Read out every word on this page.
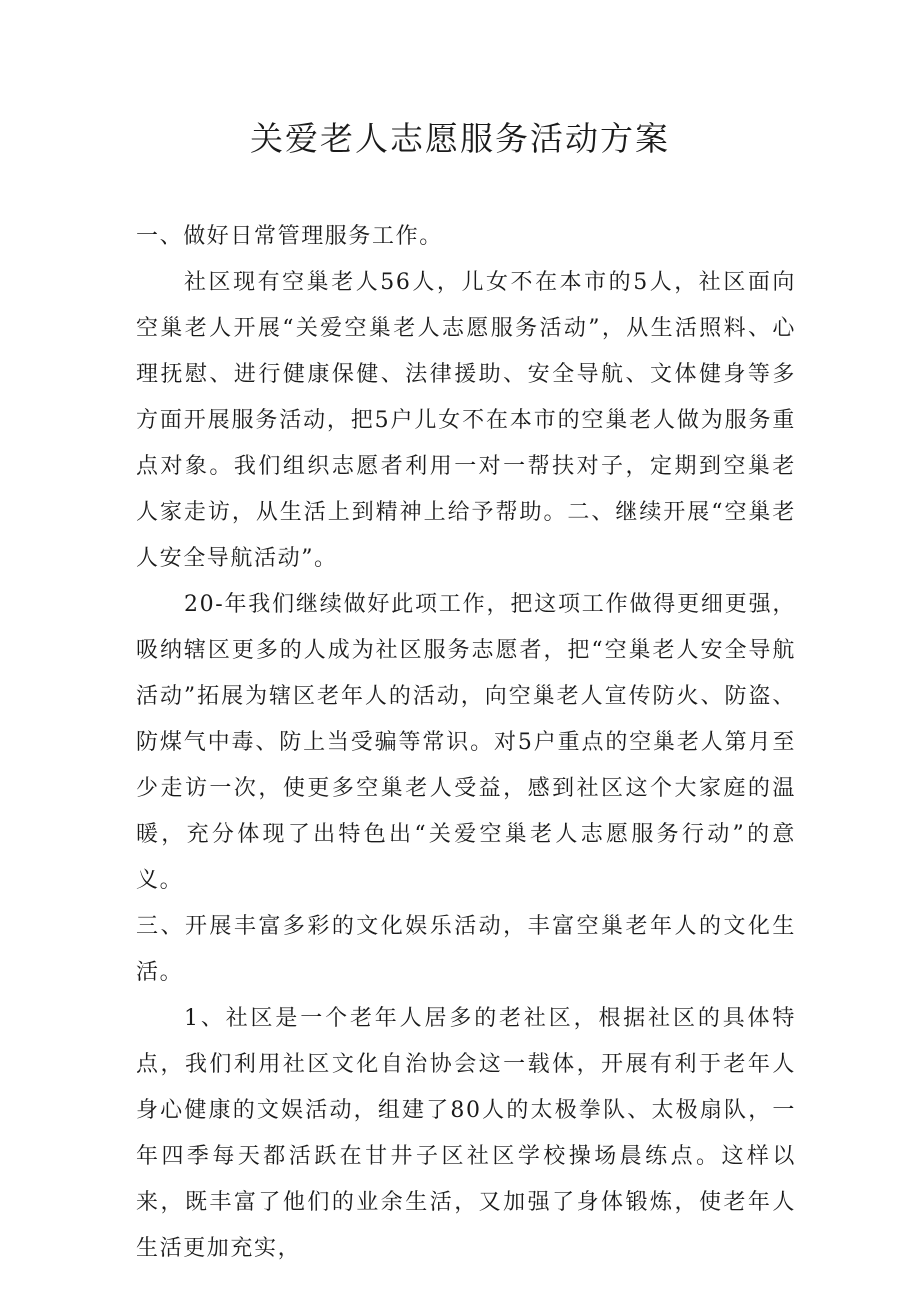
关爱老人志愿服务活动方案

一、做好日常管理服务工作。

社区现有空巢老人56人，儿女不在本市的5人，社区面向空巢老人开展“关爱空巢老人志愿服务活动”，从生活照料、心理抚慰、进行健康保健、法律援助、安全导航、文体健身等多方面开展服务活动，把5户儿女不在本市的空巢老人做为服务重点对象。我们组织志愿者利用一对一帮扶对子，定期到空巢老人家走访，从生活上到精神上给予帮助。二、继续开展“空巢老人安全导航活动”。

20-年我们继续做好此项工作，把这项工作做得更细更强，吸纳辖区更多的人成为社区服务志愿者，把“空巢老人安全导航活动”拓展为辖区老年人的活动，向空巢老人宣传防火、防盗、防煤气中毒、防上当受骗等常识。对5户重点的空巢老人第月至少走访一次，使更多空巢老人受益，感到社区这个大家庭的温暖，充分体现了出特色出“关爱空巢老人志愿服务行动”的意义。

三、开展丰富多彩的文化娱乐活动，丰富空巢老年人的文化生活。

1、社区是一个老年人居多的老社区，根据社区的具体特点，我们利用社区文化自治协会这一载体，开展有利于老年人身心健康的文娱活动，组建了80人的太极拳队、太极扇队，一年四季每天都活跃在甘井子区社区学校操场晨练点。这样以来，既丰富了他们的业余生活，又加强了身体锻炼，使老年人生活更加充实，
